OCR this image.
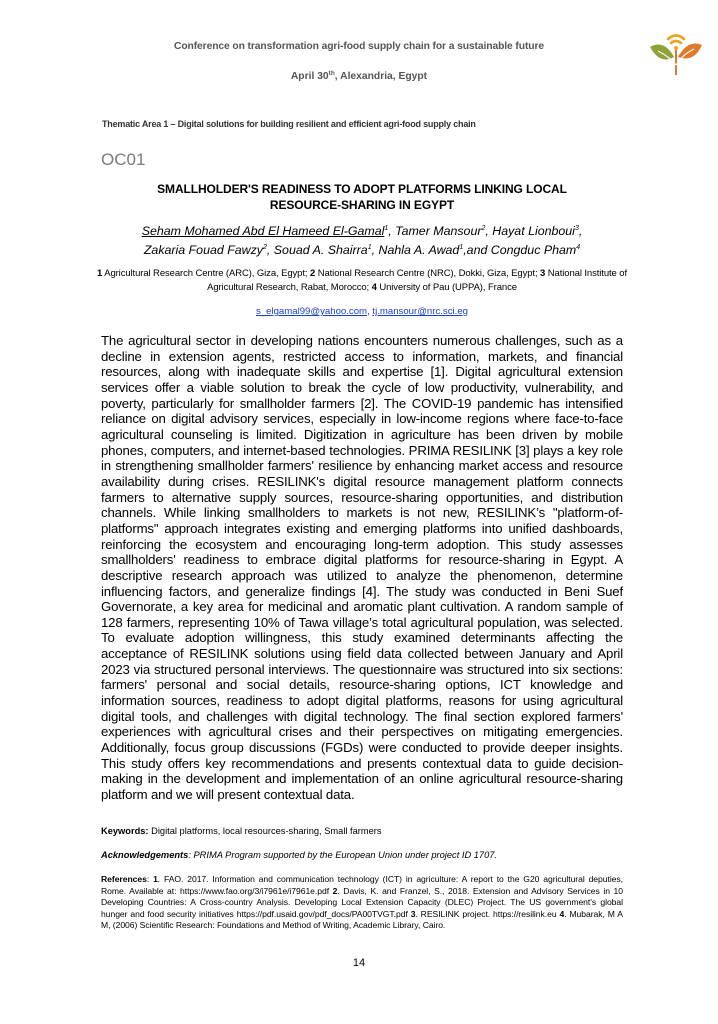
Conference on transformation agri-food supply chain for a sustainable future
April 30th, Alexandria, Egypt
Thematic Area 1 – Digital solutions for building resilient and efficient agri-food supply chain
OC01
SMALLHOLDER'S READINESS TO ADOPT PLATFORMS LINKING LOCAL
RESOURCE-SHARING IN EGYPT
Seham Mohamed Abd El Hameed El-Gamal$^1$, Tamer Mansour$^2$, Hayat Lionboui$^3$,
Zakaria Fouad Fawzy$^2$, Souad A. Shairra$^1$, Nahla A. Awad$^1$,and Congduc Pham$^4$
1 Agricultural Research Centre (ARC), Giza, Egypt; 2 National Research Centre (NRC), Dokki, Giza, Egypt; 3 National Institute of Agricultural Research, Rabat, Morocco; 4 University of Pau (UPPA), France
s_elgamal99@yahoo.com, tj.mansour@nrc.sci.eg
The agricultural sector in developing nations encounters numerous challenges, such as a decline in extension agents, restricted access to information, markets, and financial resources, along with inadequate skills and expertise [1]. Digital agricultural extension services offer a viable solution to break the cycle of low productivity, vulnerability, and poverty, particularly for smallholder farmers [2]. The COVID-19 pandemic has intensified reliance on digital advisory services, especially in low-income regions where face-to-face agricultural counseling is limited. Digitization in agriculture has been driven by mobile phones, computers, and internet-based technologies. PRIMA RESILINK [3] plays a key role in strengthening smallholder farmers' resilience by enhancing market access and resource availability during crises. RESILINK's digital resource management platform connects farmers to alternative supply sources, resource-sharing opportunities, and distribution channels. While linking smallholders to markets is not new, RESILINK’s "platform-of-platforms" approach integrates existing and emerging platforms into unified dashboards, reinforcing the ecosystem and encouraging long-term adoption. This study assesses smallholders' readiness to embrace digital platforms for resource-sharing in Egypt. A descriptive research approach was utilized to analyze the phenomenon, determine influencing factors, and generalize findings [4]. The study was conducted in Beni Suef Governorate, a key area for medicinal and aromatic plant cultivation. A random sample of 128 farmers, representing 10% of Tawa village’s total agricultural population, was selected. To evaluate adoption willingness, this study examined determinants affecting the acceptance of RESILINK solutions using field data collected between January and April 2023 via structured personal interviews. The questionnaire was structured into six sections: farmers' personal and social details, resource-sharing options, ICT knowledge and information sources, readiness to adopt digital platforms, reasons for using agricultural digital tools, and challenges with digital technology. The final section explored farmers' experiences with agricultural crises and their perspectives on mitigating emergencies. Additionally, focus group discussions (FGDs) were conducted to provide deeper insights. This study offers key recommendations and presents contextual data to guide decision-making in the development and implementation of an online agricultural resource-sharing platform and we will present contextual data.
Keywords: Digital platforms, local resources-sharing, Small farmers
Acknowledgements: PRIMA Program supported by the European Union under project ID 1707.
References: 1. FAO. 2017. Information and communication technology (ICT) in agriculture: A report to the G20 agricultural deputies, Rome. Available at: https://www.fao.org/3/i7961e/i7961e.pdf 2. Davis, K. and Franzel, S., 2018. Extension and Advisory Services in 10 Developing Countries: A Cross-country Analysis. Developing Local Extension Capacity (DLEC) Project. The US government's global hunger and food security initiatives https://pdf.usaid.gov/pdf_docs/PA00TVGT.pdf 3. RESILINK project. https://resilink.eu 4. Mubarak, M A M, (2006) Scientific Research: Foundations and Method of Writing, Academic Library, Cairo.
14
